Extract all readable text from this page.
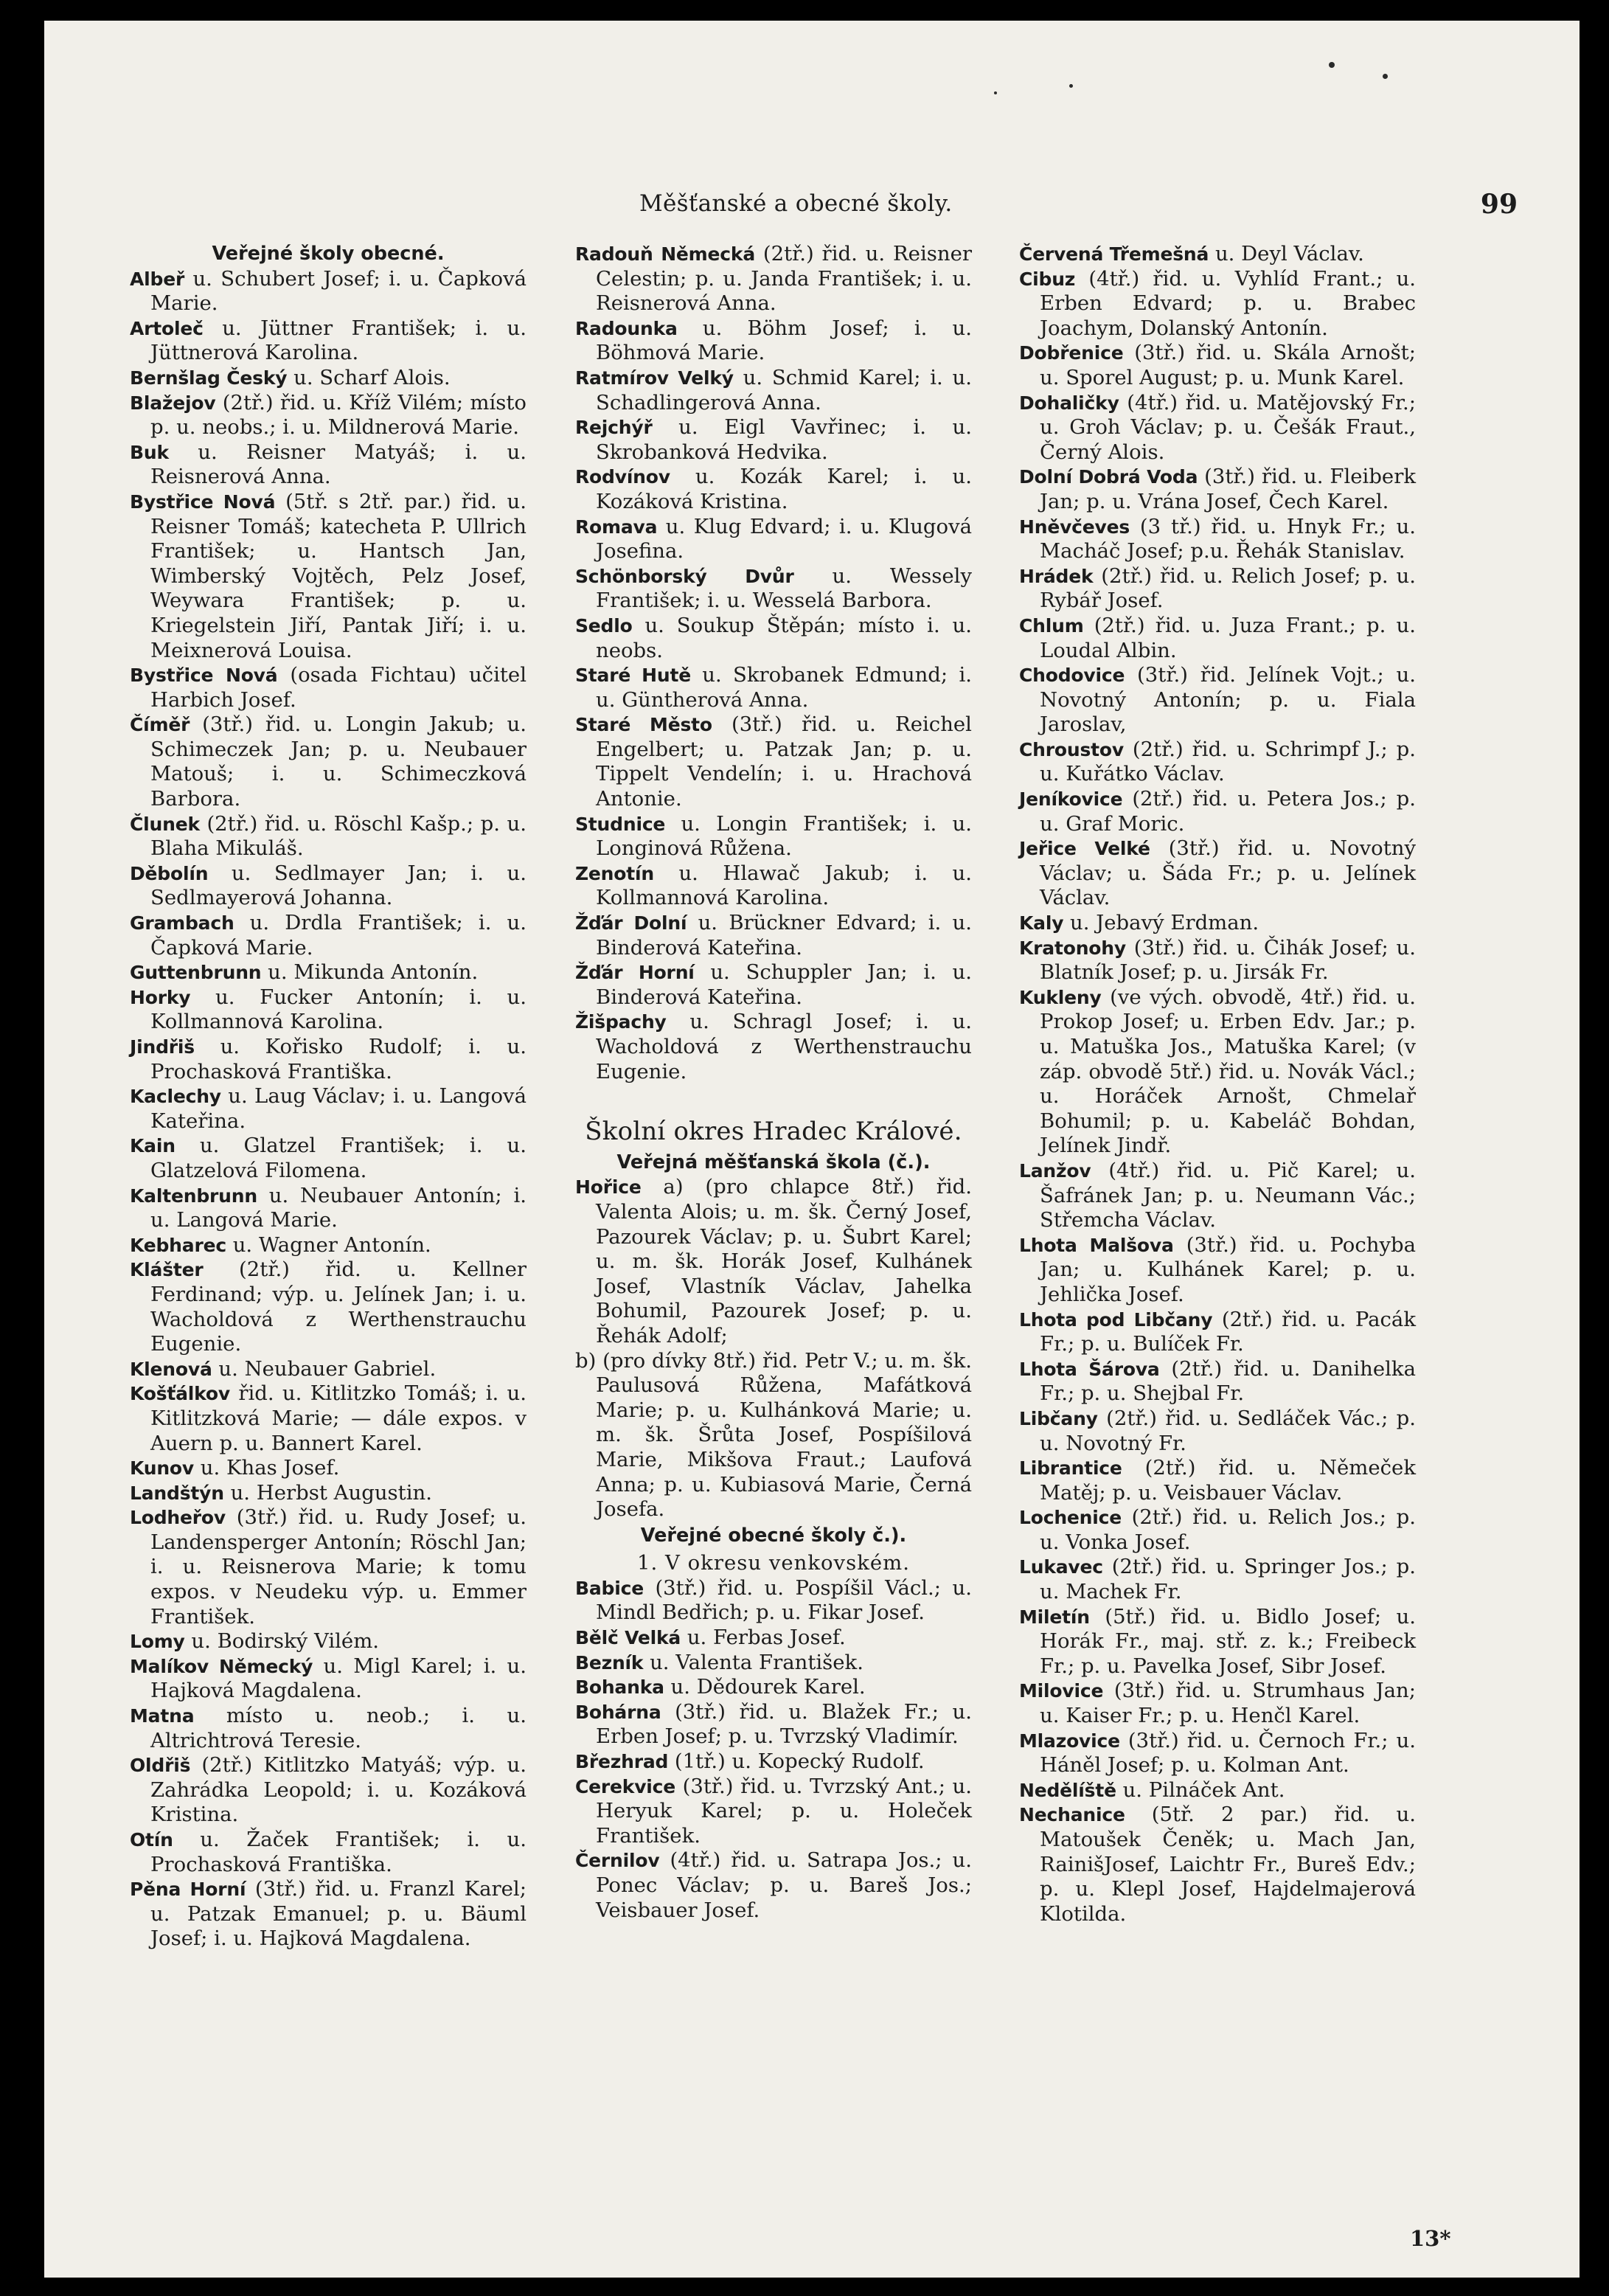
Měšťanské a obecné školy.	99

Veřejné školy obecné.

Albeř u. Schubert Josef; i. u. Čapková Marie.

Artoleč u. Jüttner František; i. u. Jüttnerová Karolina.

Bernšlag Český u. Scharf Alois.

Blažejov (2tř.) řid. u. Kříž Vilém; místo p. u. neobs.; i. u. Mildnerová Marie.

Buk u. Reisner Matyáš; i. u. Reisnerová Anna.

Bystřice Nová (5tř. s 2tř. par.) řid. u. Reisner Tomáš; katecheta P. Ullrich František; u. Hantsch Jan, Wimberský Vojtěch, Pelz Josef, Weywara František; p. u. Kriegelstein Jiří, Pantak Jiří; i. u. Meixnerová Louisa.

Bystřice Nová (osada Fichtau) učitel Harbich Josef.

Číměř (3tř.) řid. u. Longin Jakub; u. Schimeczek Jan; p. u. Neubauer Matouš; i. u. Schimeczková Barbora.

Člunek (2tř.) řid. u. Röschl Kašp.; p. u. Blaha Mikuláš.

Děbolín u. Sedlmayer Jan; i. u. Sedlmayerová Johanna.

Grambach u. Drdla František; i. u. Čapková Marie.

Guttenbrunn u. Mikunda Antonín.

Horky u. Fucker Antonín; i. u. Kollmannová Karolina.

Jindřiš u. Kořisko Rudolf; i. u. Prochasková Františka.

Kaclechy u. Laug Václav; i. u. Langová Kateřina.

Kain u. Glatzel František; i. u. Glatzelová Filomena.

Kaltenbrunn u. Neubauer Antonín; i. u. Langová Marie.

Kebharec u. Wagner Antonín.

Klášter (2tř.) řid. u. Kellner Ferdinand; výp. u. Jelínek Jan; i. u. Wacholdová z Werthenstrauchu Eugenie.

Klenová u. Neubauer Gabriel.

Košťálkov řid. u. Kitlitzko Tomáš; i. u. Kitlitzková Marie; — dále expos. v Auern p. u. Bannert Karel.

Kunov u. Khas Josef.

Landštýn u. Herbst Augustin.

Lodheřov (3tř.) řid. u. Rudy Josef; u. Landensperger Antonín; Röschl Jan; i. u. Reisnerova Marie; k tomu expos. v Neudeku výp. u. Emmer František.

Lomy u. Bodirský Vilém.

Malíkov Německý u. Migl Karel; i. u. Hajková Magdalena.

Matna místo u. neob.; i. u. Altrichtrová Teresie.

Oldřiš (2tř.) Kitlitzko Matyáš; výp. u. Zahrádka Leopold; i. u. Kozáková Kristina.

Otín u. Žaček František; i. u. Prochasková Františka.

Pěna Horní (3tř.) řid. u. Franzl Karel; u. Patzak Emanuel; p. u. Bäuml Josef; i. u. Hajková Magdalena.

Radouň Německá (2tř.) řid. u. Reisner Celestin; p. u. Janda František; i. u. Reisnerová Anna.

Radounka u. Böhm Josef; i. u. Böhmová Marie.

Ratmírov Velký u. Schmid Karel; i. u. Schadlingerová Anna.

Rejchýř u. Eigl Vavřinec; i. u. Skrobanková Hedvika.

Rodvínov u. Kozák Karel; i. u. Kozáková Kristina.

Romava u. Klug Edvard; i. u. Klugová Josefina.

Schönborský Dvůr u. Wessely František; i. u. Wesselá Barbora.

Sedlo u. Soukup Štěpán; místo i. u. neobs.

Staré Hutě u. Skrobanek Edmund; i. u. Güntherová Anna.

Staré Město (3tř.) řid. u. Reichel Engelbert; u. Patzak Jan; p. u. Tippelt Vendelín; i. u. Hrachová Antonie.

Studnice u. Longin František; i. u. Longinová Růžena.

Zenotín u. Hlawač Jakub; i. u. Kollmannová Karolina.

Žďár Dolní u. Brückner Edvard; i. u. Binderová Kateřina.

Žďár Horní u. Schuppler Jan; i. u. Binderová Kateřina.

Žišpachy u. Schragl Josef; i. u. Wacholdová z Werthenstrauchu Eugenie.

Školní okres Hradec Králové.

Veřejná měšťanská škola (č.).

Hořice a) (pro chlapce 8tř.) řid. Valenta Alois; u. m. šk. Černý Josef, Pazourek Václav; p. u. Šubrt Karel; u. m. šk. Horák Josef, Kulhánek Josef, Vlastník Václav, Jahelka Bohumil, Pazourek Josef; p. u. Řehák Adolf;

b) (pro dívky 8tř.) řid. Petr V.; u. m. šk. Paulusová Růžena, Mafátková Marie; p. u. Kulhánková Marie; u. m. šk. Šrůta Josef, Pospíšilová Marie, Mikšova Fraut.; Laufová Anna; p. u. Kubiasová Marie, Černá Josefa.

Veřejné obecné školy č.).

1. V okresu venkovském.

Babice (3tř.) řid. u. Pospíšil Václ.; u. Mindl Bedřich; p. u. Fikar Josef.

Bělč Velká u. Ferbas Josef.

Bezník u. Valenta František.

Bohanka u. Dědourek Karel.

Bohárna (3tř.) řid. u. Blažek Fr.; u. Erben Josef; p. u. Tvrzský Vladimír.

Březhrad (1tř.) u. Kopecký Rudolf.

Cerekvice (3tř.) řid. u. Tvrzský Ant.; u. Heryuk Karel; p. u. Holeček František.

Černilov (4tř.) řid. u. Satrapa Jos.; u. Ponec Václav; p. u. Bareš Jos.; Veisbauer Josef.

Červená Třemešná u. Deyl Václav.

Cibuz (4tř.) řid. u. Vyhlíd Frant.; u. Erben Edvard; p. u. Brabec Joachym, Dolanský Antonín.

Dobřenice (3tř.) řid. u. Skála Arnošt; u. Sporel August; p. u. Munk Karel.

Dohaličky (4tř.) řid. u. Matějovský Fr.; u. Groh Václav; p. u. Češák Fraut., Černý Alois.

Dolní Dobrá Voda (3tř.) řid. u. Fleiberk Jan; p. u. Vrána Josef, Čech Karel.

Hněvčeves (3 tř.) řid. u. Hnyk Fr.; u. Macháč Josef; p.u. Řehák Stanislav.

Hrádek (2tř.) řid. u. Relich Josef; p. u. Rybář Josef.

Chlum (2tř.) řid. u. Juza Frant.; p. u. Loudal Albin.

Chodovice (3tř.) řid. Jelínek Vojt.; u. Novotný Antonín; p. u. Fiala Jaroslav,

Chroustov (2tř.) řid. u. Schrimpf J.; p. u. Kuřátko Václav.

Jeníkovice (2tř.) řid. u. Petera Jos.; p. u. Graf Moric.

Jeřice Velké (3tř.) řid. u. Novotný Václav; u. Šáda Fr.; p. u. Jelínek Václav.

Kaly u. Jebavý Erdman.

Kratonohy (3tř.) řid. u. Čihák Josef; u. Blatník Josef; p. u. Jirsák Fr.

Kukleny (ve vých. obvodě, 4tř.) řid. u. Prokop Josef; u. Erben Edv. Jar.; p. u. Matuška Jos., Matuška Karel; (v záp. obvodě 5tř.) řid. u. Novák Václ.; u. Horáček Arnošt, Chmelař Bohumil; p. u. Kabeláč Bohdan, Jelínek Jindř.

Lanžov (4tř.) řid. u. Pič Karel; u. Šafránek Jan; p. u. Neumann Vác.; Střemcha Václav.

Lhota Malšova (3tř.) řid. u. Pochyba Jan; u. Kulhánek Karel; p. u. Jehlička Josef.

Lhota pod Libčany (2tř.) řid. u. Pacák Fr.; p. u. Bulíček Fr.

Lhota Šárova (2tř.) řid. u. Danihelka Fr.; p. u. Shejbal Fr.

Libčany (2tř.) řid. u. Sedláček Vác.; p. u. Novotný Fr.

Librantice (2tř.) řid. u. Němeček Matěj; p. u. Veisbauer Václav.

Lochenice (2tř.) řid. u. Relich Jos.; p. u. Vonka Josef.

Lukavec (2tř.) řid. u. Springer Jos.; p. u. Machek Fr.

Miletín (5tř.) řid. u. Bidlo Josef; u. Horák Fr., maj. stř. z. k.; Freibeck Fr.; p. u. Pavelka Josef, Sibr Josef.

Milovice (3tř.) řid. u. Strumhaus Jan; u. Kaiser Fr.; p. u. Henčl Karel.

Mlazovice (3tř.) řid. u. Černoch Fr.; u. Háněl Josef; p. u. Kolman Ant.

Nedělíště u. Pilnáček Ant.

Nechanice (5tř. 2 par.) řid. u. Matoušek Čeněk; u. Mach Jan, RainišJosef, Laichtr Fr., Bureš Edv.; p. u. Klepl Josef, Hajdelmajerová Klotilda.

13*
